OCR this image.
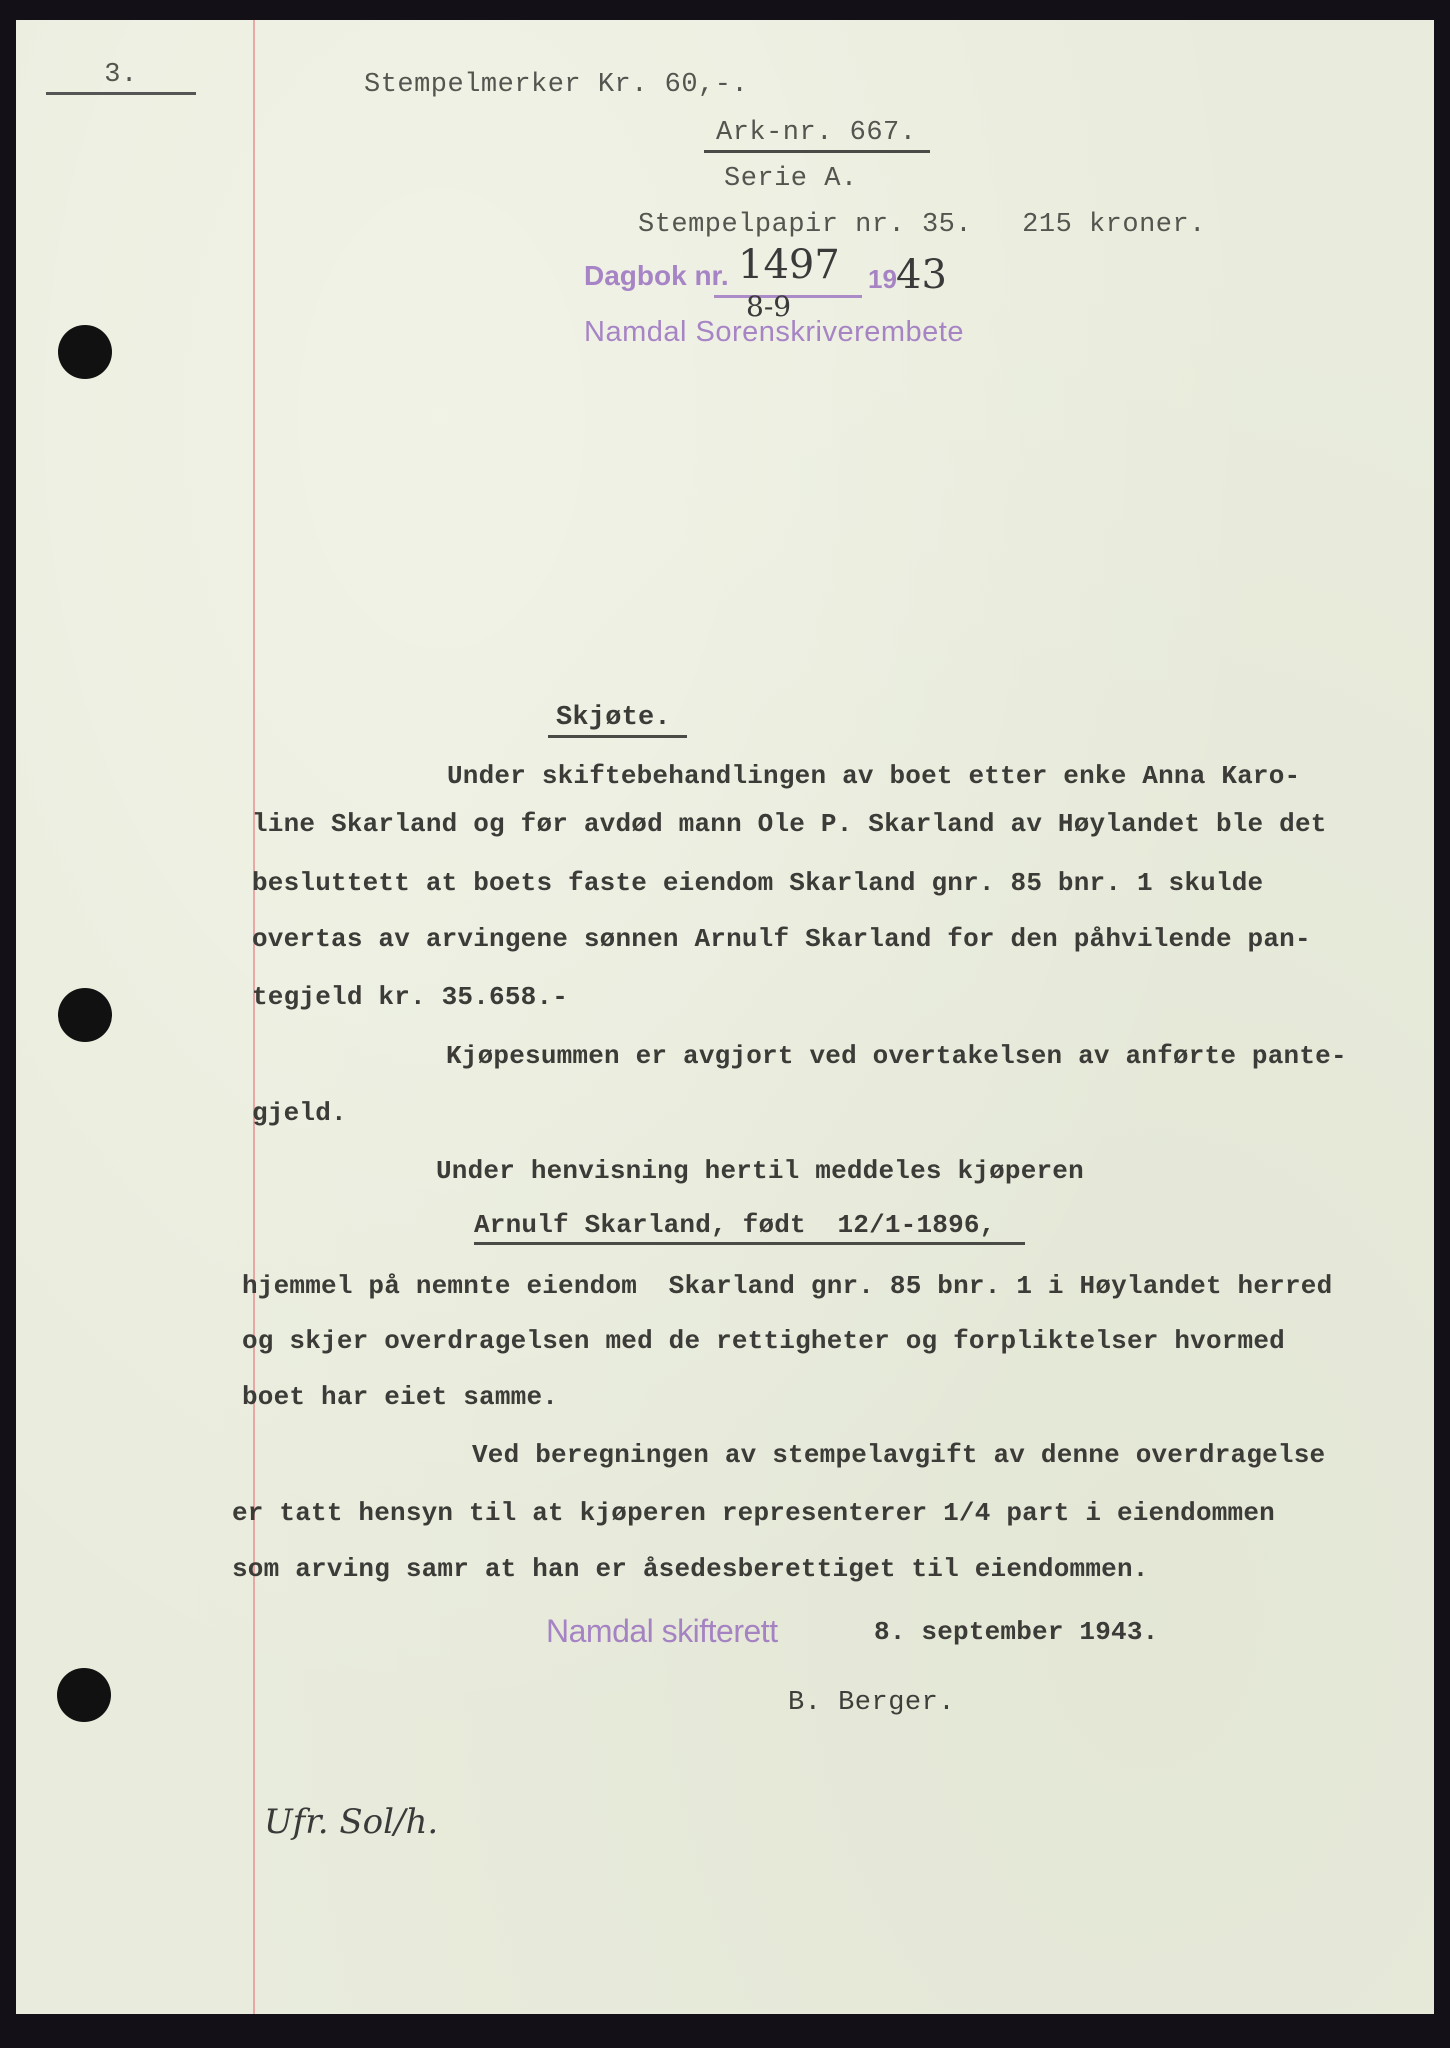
3.	Stempelmerker Kr. 60,-.
Ark-nr. 667.
Serie A.
Stempelpapir nr. 35.   215 kroner.
Dagbok nr. 1497 19 43
8-9
Namdal Sorenskriverembete
Skjøte.
Under skiftebehandlingen av boet etter enke Anna Karo-
line Skarland og før avdød mann Ole P. Skarland av Høylandet ble det
besluttett at boets faste eiendom Skarland gnr. 85 bnr. 1 skulde
overtas av arvingene sønnen Arnulf Skarland for den påhvilende pan-
tegjeld kr. 35.658.-
Kjøpesummen er avgjort ved overtakelsen av anførte pante-
gjeld.
Under henvisning hertil meddeles kjøperen
Arnulf Skarland, født  12/1-1896,
hjemmel på nemnte eiendom  Skarland gnr. 85 bnr. 1 i Høylandet herred
og skjer overdragelsen med de rettigheter og forpliktelser hvormed
boet har eiet samme.
Ved beregningen av stempelavgift av denne overdragelse
er tatt hensyn til at kjøperen representerer 1/4 part i eiendommen
som arving samr at han er åsedesberettiget til eiendommen.
Namdal skifterett	8. september 1943.
B. Berger.
Ufr. Sol/h.
